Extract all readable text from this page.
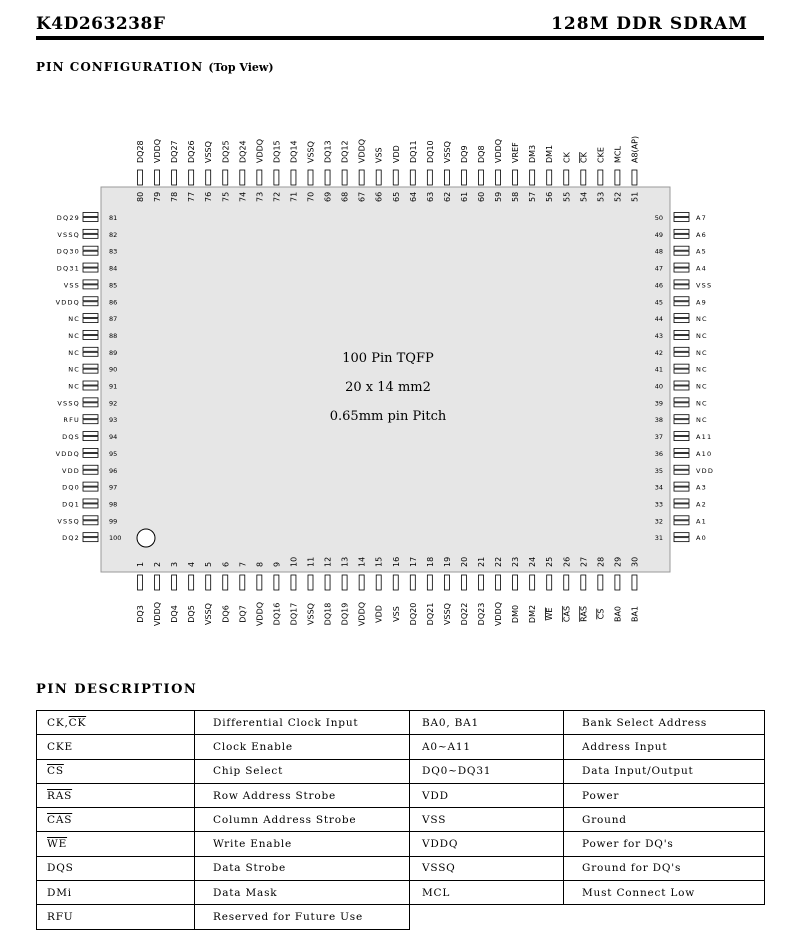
K4D263238F	128M DDR SDRAM
PIN CONFIGURATION (Top View)
100 Pin TQFP
20 x 14 mm2
0.65mm pin Pitch
1
DQ3
2
VDDQ
3
DQ4
4
DQ5
5
VSSQ
6
DQ6
7
DQ7
8
VDDQ
9
DQ16
10
DQ17
11
VSSQ
12
DQ18
13
DQ19
14
VDDQ
15
VDD
16
VSS
17
DQ20
18
DQ21
19
VSSQ
20
DQ22
21
DQ23
22
VDDQ
23
DM0
24
DM2
25
WE
26
CAS
27
RAS
28
CS
29
BA0
30
BA1
80
DQ28
79
VDDQ
78
DQ27
77
DQ26
76
VSSQ
75
DQ25
74
DQ24
73
VDDQ
72
DQ15
71
DQ14
70
VSSQ
69
DQ13
68
DQ12
67
VDDQ
66
VSS
65
VDD
64
DQ11
63
DQ10
62
VSSQ
61
DQ9
60
DQ8
59
VDDQ
58
VREF
57
DM3
56
DM1
55
CK
54
CK
53
CKE
52
MCL
51
A8(AP)
DQ29	81
VSSQ	82
DQ30	83
DQ31	84
VSS	85
VDDQ	86
NC	87
NC	88
NC	89
NC	90
NC	91
VSSQ	92
RFU	93
DQS	94
VDDQ	95
VDD	96
DQ0	97
DQ1	98
VSSQ	99
DQ2	100
50	A7
49	A6
48	A5
47	A4
46	VSS
45	A9
44	NC
43	NC
42	NC
41	NC
40	NC
39	NC
38	NC
37	A11
36	A10
35	VDD
34	A3
33	A2
32	A1
31	A0
PIN DESCRIPTION
$CK,\overline{CK}$	Differential Clock Input	BA0, BA1	Bank Select Address
CKE	Clock Enable	A0~A11	Address Input
$\overline{CS}$	Chip Select	DQ0~DQ31	Data Input/Output
$\overline{RAS}$	Row Address Strobe	VDD	Power
$\overline{CAS}$	Column Address Strobe	VSS	Ground
$\overline{WE}$	Write Enable	VDDQ	Power for DQ's
DQS	Data Strobe	VSSQ	Ground for DQ's
DMi	Data Mask	MCL	Must Connect Low
RFU	Reserved for Future Use		
